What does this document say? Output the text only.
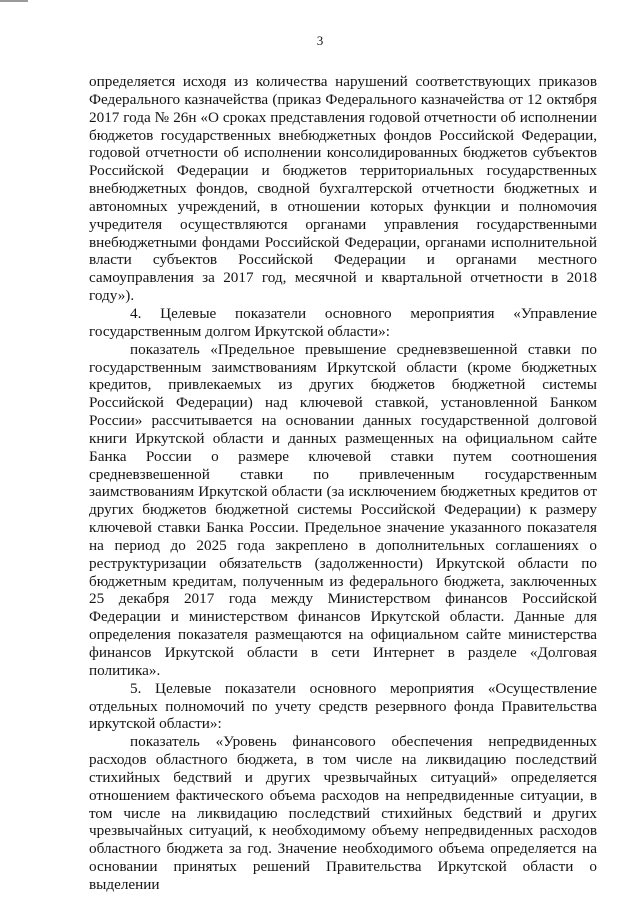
3

определяется исходя из количества нарушений соответствующих приказов Федерального казначейства (приказ Федерального казначейства от 12 октября 2017 года № 26н «О сроках представления годовой отчетности об исполнении бюджетов государственных внебюджетных фондов Российской Федерации, годовой отчетности об исполнении консолидированных бюджетов субъектов Российской Федерации и бюджетов территориальных государственных внебюджетных фондов, сводной бухгалтерской отчетности бюджетных и автономных учреждений, в отношении которых функции и полномочия учредителя осуществляются органами управления государственными внебюджетными фондами Российской Федерации, органами исполнительной власти субъектов Российской Федерации и органами местного самоуправления за 2017 год, месячной и квартальной отчетности в 2018 году»).

4. Целевые показатели основного мероприятия «Управление государственным долгом Иркутской области»:

показатель «Предельное превышение средневзвешенной ставки по государственным заимствованиям Иркутской области (кроме бюджетных кредитов, привлекаемых из других бюджетов бюджетной системы Российской Федерации) над ключевой ставкой, установленной Банком России» рассчитывается на основании данных государственной долговой книги Иркутской области и данных размещенных на официальном сайте Банка России о размере ключевой ставки путем соотношения средневзвешенной ставки по привлеченным государственным заимствованиям Иркутской области (за исключением бюджетных кредитов от других бюджетов бюджетной системы Российской Федерации) к размеру ключевой ставки Банка России. Предельное значение указанного показателя на период до 2025 года закреплено в дополнительных соглашениях о реструктуризации обязательств (задолженности) Иркутской области по бюджетным кредитам, полученным из федерального бюджета, заключенных 25 декабря 2017 года между Министерством финансов Российской Федерации и министерством финансов Иркутской области. Данные для определения показателя размещаются на официальном сайте министерства финансов Иркутской области в сети Интернет в разделе «Долговая политика».

5. Целевые показатели основного мероприятия «Осуществление отдельных полномочий по учету средств резервного фонда Правительства иркутской области»:

показатель «Уровень финансового обеспечения непредвиденных расходов областного бюджета, в том числе на ликвидацию последствий стихийных бедствий и других чрезвычайных ситуаций» определяется отношением фактического объема расходов на непредвиденные ситуации, в том числе на ликвидацию последствий стихийных бедствий и других чрезвычайных ситуаций, к необходимому объему непредвиденных расходов областного бюджета за год. Значение необходимого объема определяется на основании принятых решений Правительства Иркутской области о выделении
